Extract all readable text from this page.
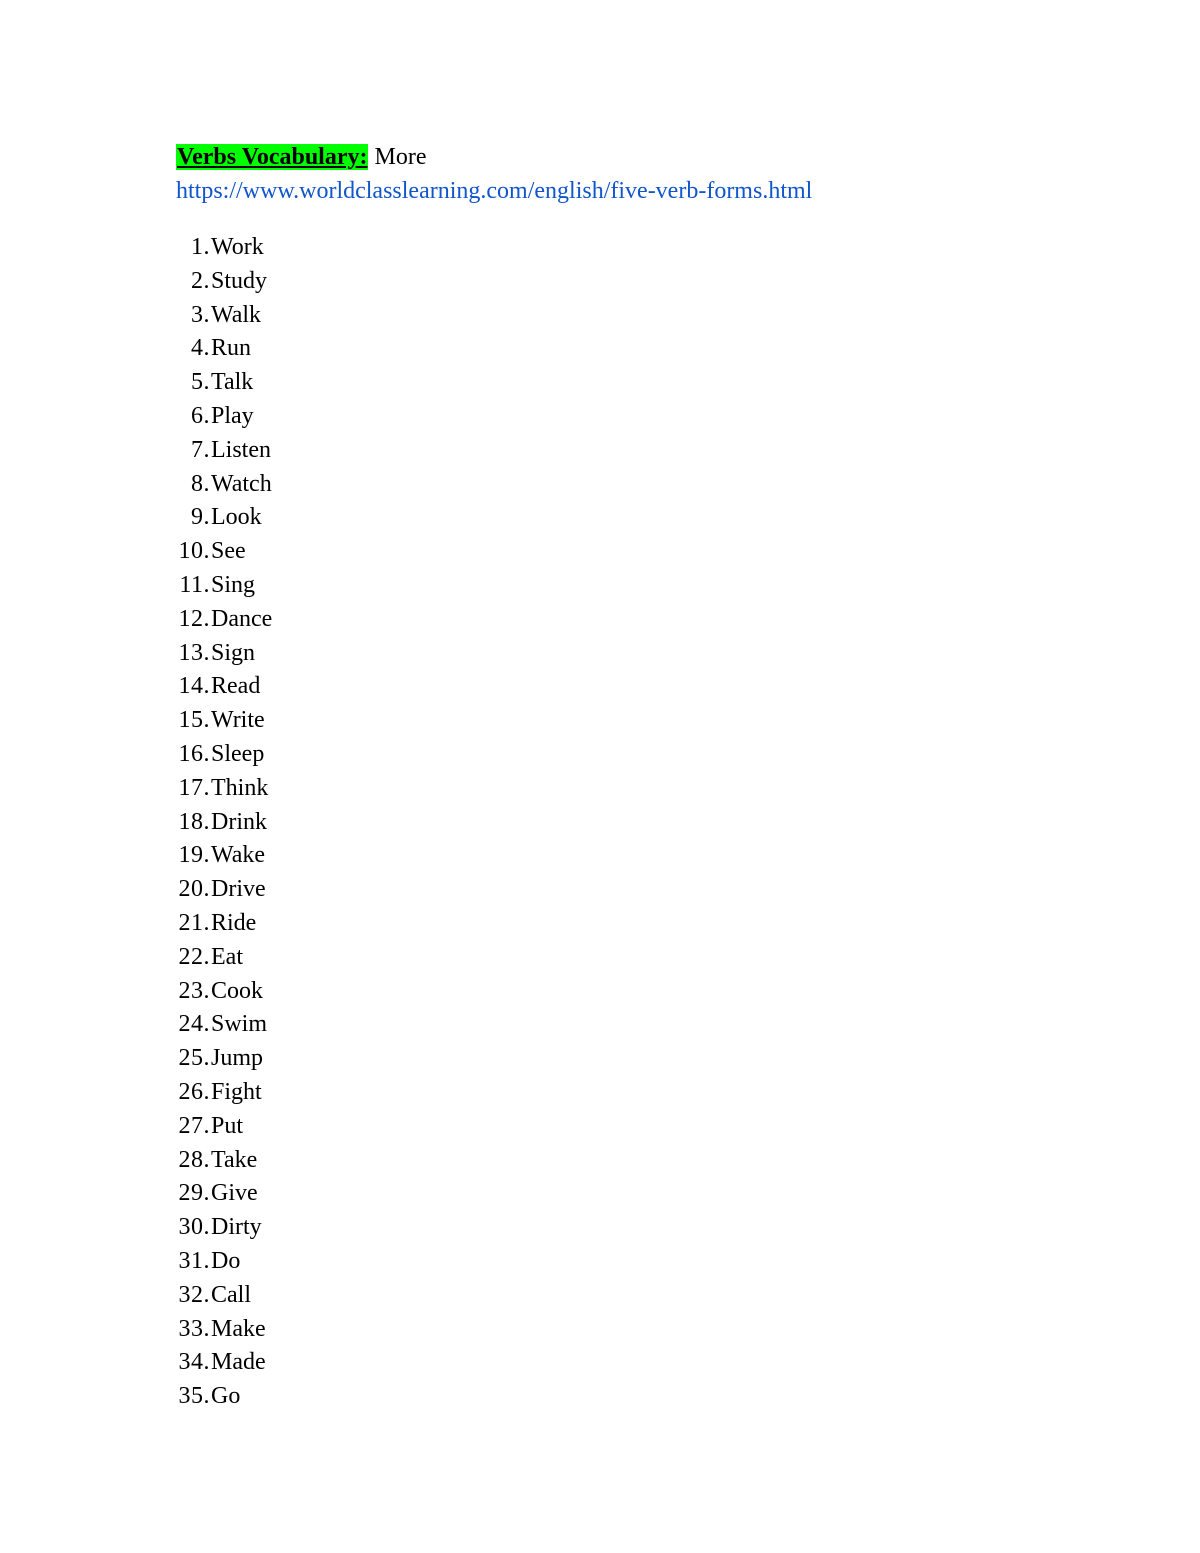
Verbs Vocabulary: More
https://www.worldclasslearning.com/english/five-verb-forms.html
1. Work
2. Study
3. Walk
4. Run
5. Talk
6. Play
7. Listen
8. Watch
9. Look
10. See
11. Sing
12. Dance
13. Sign
14. Read
15. Write
16. Sleep
17. Think
18. Drink
19. Wake
20. Drive
21. Ride
22. Eat
23. Cook
24. Swim
25. Jump
26. Fight
27. Put
28. Take
29. Give
30. Dirty
31. Do
32. Call
33. Make
34. Made
35. Go
